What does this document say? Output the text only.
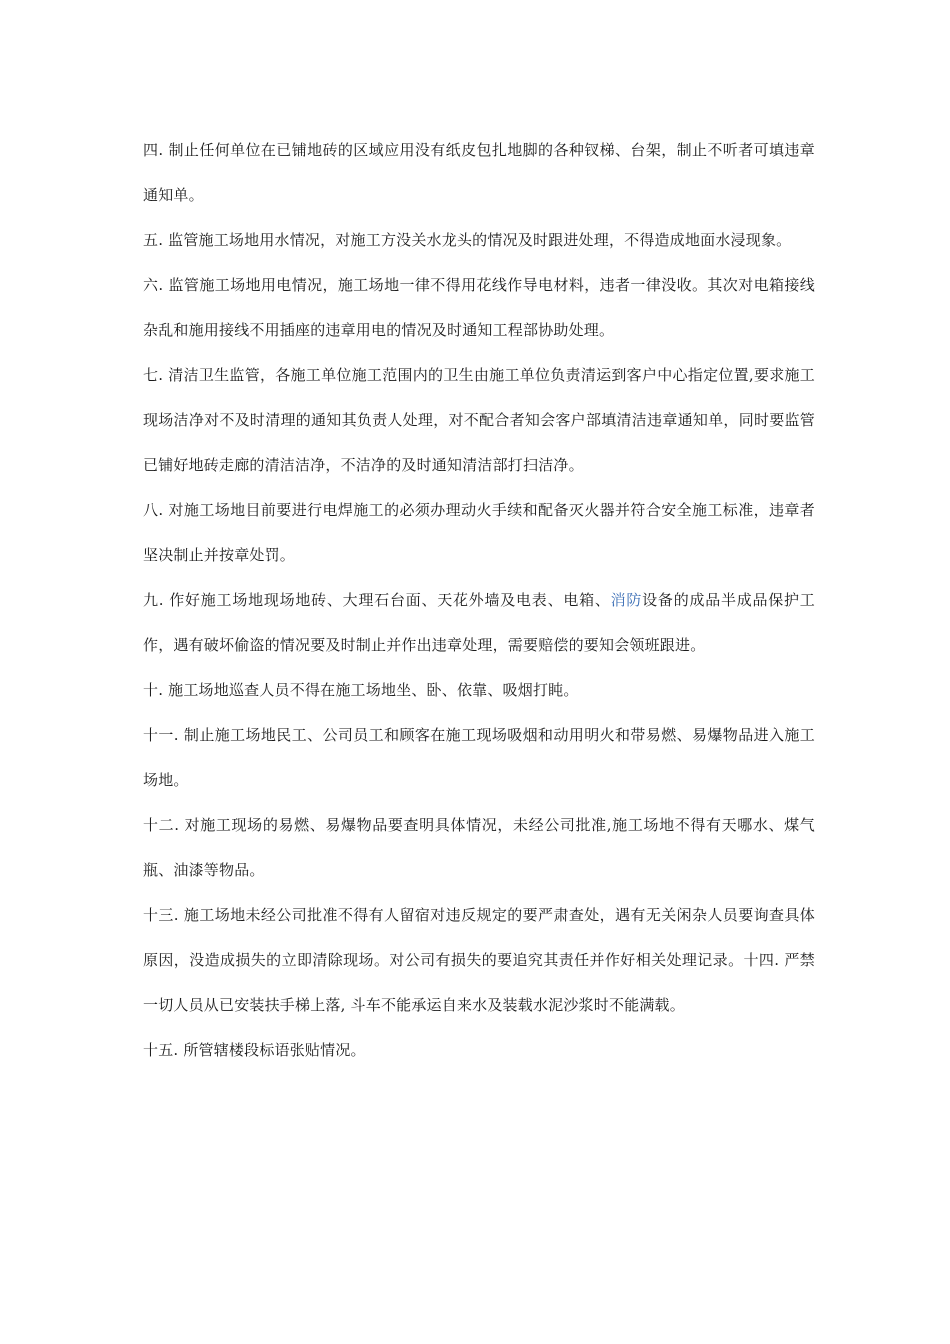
四. 制止任何单位在已铺地砖的区域应用没有纸皮包扎地脚的各种钗梯、台架，制止不听者可填违章通知单。

五. 监管施工场地用水情况，对施工方没关水龙头的情况及时跟进处理，不得造成地面水浸现象。

六. 监管施工场地用电情况，施工场地一律不得用花线作导电材料，违者一律没收。其次对电箱接线杂乱和施用接线不用插座的违章用电的情况及时通知工程部协助处理。

七. 清洁卫生监管，各施工单位施工范围内的卫生由施工单位负责清运到客户中心指定位置,要求施工现场洁净对不及时清理的通知其负责人处理，对不配合者知会客户部填清洁违章通知单，同时要监管已铺好地砖走廊的清洁洁净，不洁净的及时通知清洁部打扫洁净。

八. 对施工场地目前要进行电焊施工的必须办理动火手续和配备灭火器并符合安全施工标准，违章者坚决制止并按章处罚。

九. 作好施工场地现场地砖、大理石台面、天花外墙及电表、电箱、消防设备的成品半成品保护工作，遇有破坏偷盗的情况要及时制止并作出违章处理，需要赔偿的要知会领班跟进。

十. 施工场地巡查人员不得在施工场地坐、卧、依靠、吸烟打盹。

十一. 制止施工场地民工、公司员工和顾客在施工现场吸烟和动用明火和带易燃、易爆物品进入施工场地。

十二. 对施工现场的易燃、易爆物品要查明具体情况，未经公司批准,施工场地不得有天哪水、煤气瓶、油漆等物品。

十三. 施工场地未经公司批准不得有人留宿对违反规定的要严肃查处，遇有无关闲杂人员要询查具体原因，没造成损失的立即清除现场。对公司有损失的要追究其责任并作好相关处理记录。十四. 严禁一切人员从已安装扶手梯上落, 斗车不能承运自来水及装载水泥沙浆时不能满载。

十五. 所管辖楼段标语张贴情况。
